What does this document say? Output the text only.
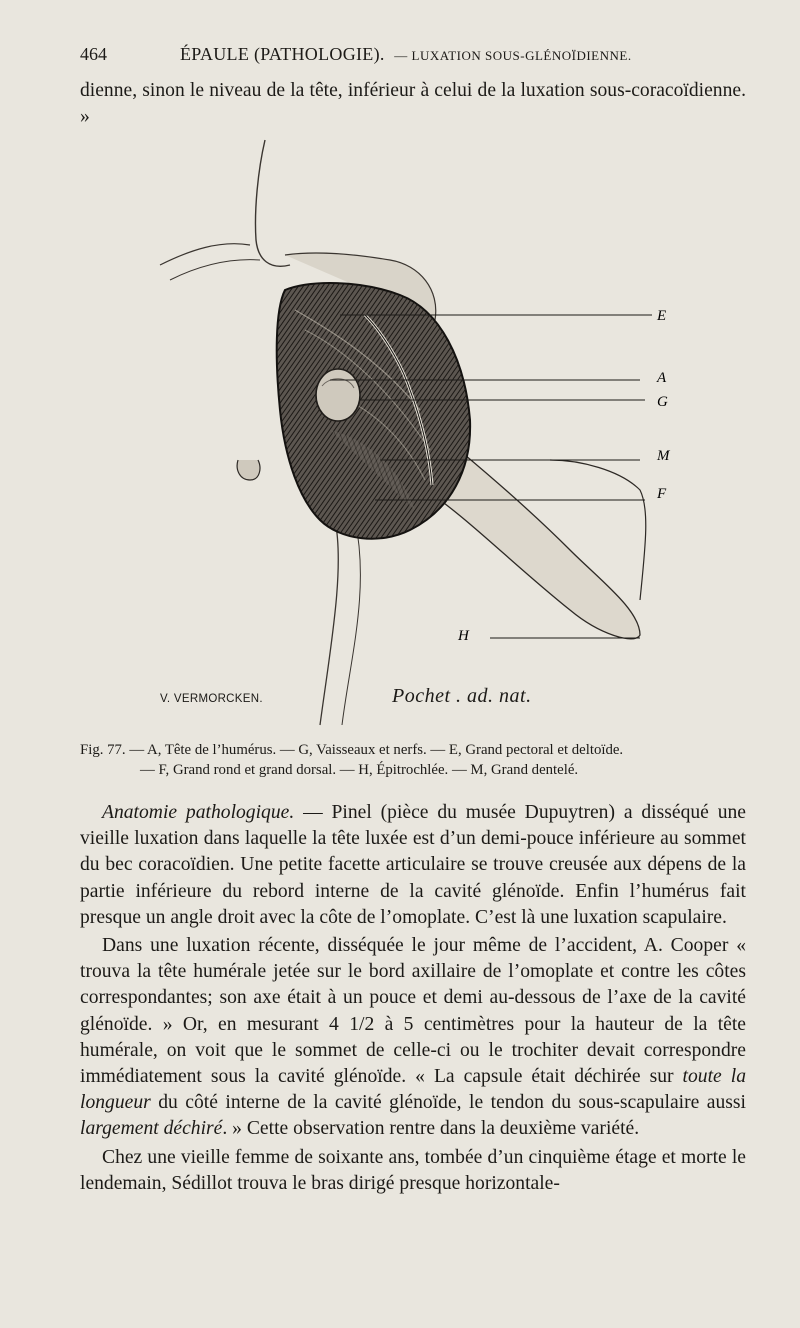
464	ÉPAULE (PATHOLOGIE). — LUXATION SOUS-GLÉNOÏDIENNE.

dienne, sinon le niveau de la tête, inférieur à celui de la luxation sous-coracoïdienne. »

E
A
G
M
F
H
V. VERMORCKEN.	Pochet . ad. nat.
Fig. 77. — A, Tête de l’humérus. — G, Vaisseaux et nerfs. — E, Grand pectoral et deltoïde.
— F, Grand rond et grand dorsal. — H, Épitrochlée. — M, Grand dentelé.

Anatomie pathologique. — Pinel (pièce du musée Dupuytren) a disséqué une vieille luxation dans laquelle la tête luxée est d’un demi-pouce inférieure au sommet du bec coracoïdien. Une petite facette articulaire se trouve creusée aux dépens de la partie inférieure du rebord interne de la cavité glénoïde. Enfin l’humérus fait presque un angle droit avec la côte de l’omoplate. C’est là une luxation scapulaire.

Dans une luxation récente, disséquée le jour même de l’accident, A. Cooper « trouva la tête humérale jetée sur le bord axillaire de l’omoplate et contre les côtes correspondantes; son axe était à un pouce et demi au-dessous de l’axe de la cavité glénoïde. » Or, en mesurant 4 1/2 à 5 centimètres pour la hauteur de la tête humérale, on voit que le sommet de celle-ci ou le trochiter devait correspondre immédiatement sous la cavité glénoïde. « La capsule était déchirée sur toute la longueur du côté interne de la cavité glénoïde, le tendon du sous-scapulaire aussi largement déchiré. » Cette observation rentre dans la deuxième variété.

Chez une vieille femme de soixante ans, tombée d’un cinquième étage et morte le lendemain, Sédillot trouva le bras dirigé presque horizontale-
